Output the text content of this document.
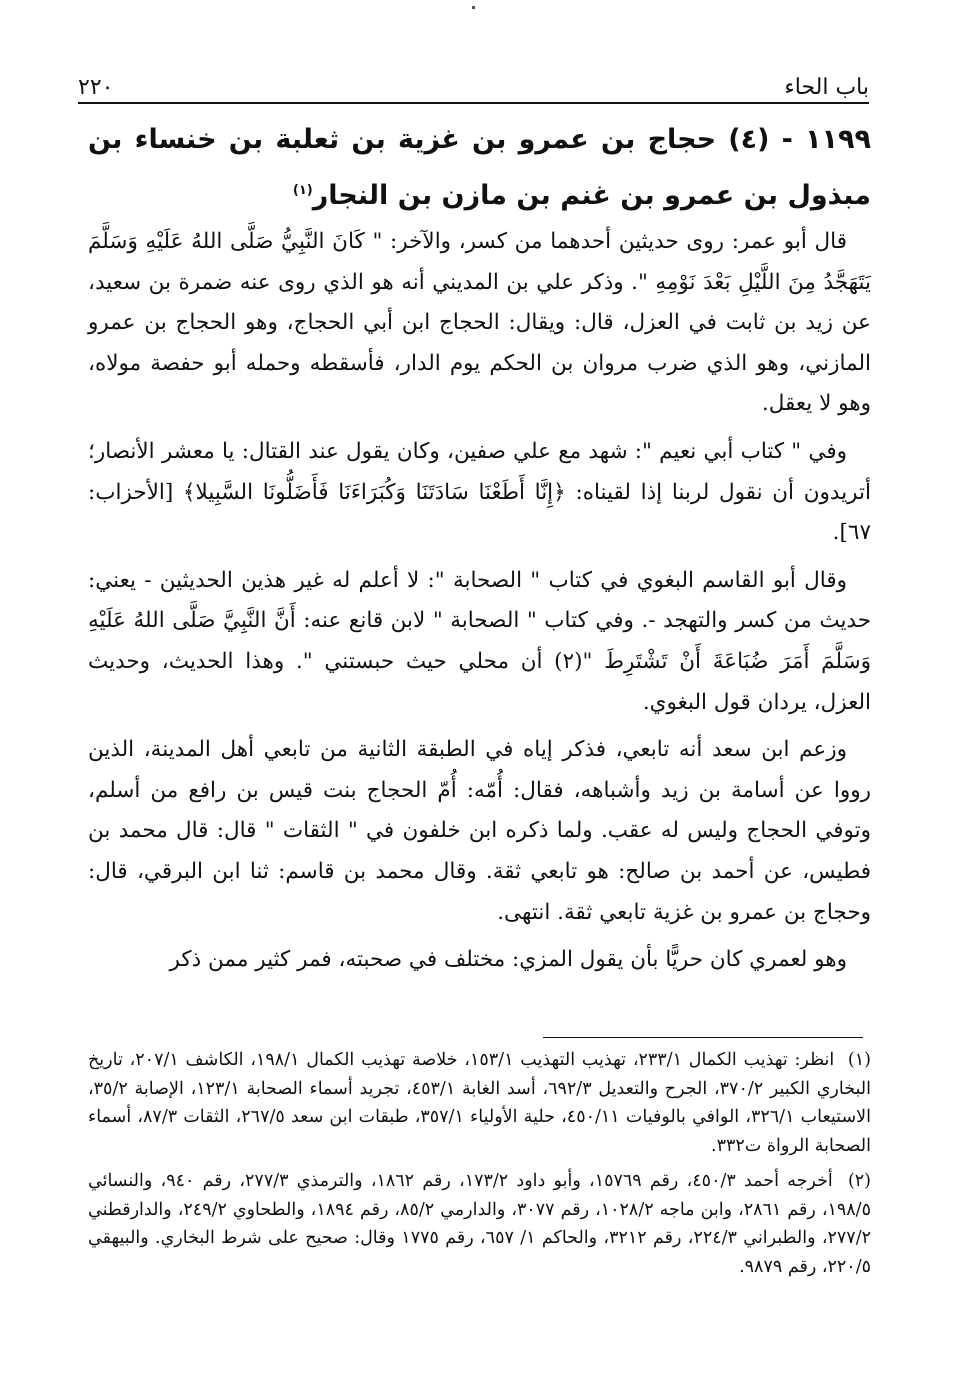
باب الحاء
٢٢٠
١١٩٩ - (٤) حجاج بن عمرو بن غزية بن ثعلبة بن خنساء بن مبذول بن عمرو بن غنم بن مازن بن النجار$^{(١)}$

قال أبو عمر: روى حديثين أحدهما من كسر، والآخر: " كَانَ النَّبِيُّ صَلَّى اللهُ عَلَيْهِ وَسَلَّمَ يَتَهَجَّدُ مِنَ اللَّيْلِ بَعْدَ نَوْمِهِ ". وذكر علي بن المديني أنه هو الذي روى عنه ضمرة بن سعيد، عن زيد بن ثابت في العزل، قال: ويقال: الحجاج ابن أبي الحجاج، وهو الحجاج بن عمرو المازني، وهو الذي ضرب مروان بن الحكم يوم الدار، فأسقطه وحمله أبو حفصة مولاه، وهو لا يعقل.

وفي " كتاب أبي نعيم ": شهد مع علي صفين، وكان يقول عند القتال: يا معشر الأنصار؛ أتريدون أن نقول لربنا إذا لقيناه: ﴿إِنَّا أَطَعْنَا سَادَتَنَا وَكُبَرَاءَنَا فَأَضَلُّونَا السَّبِيلا﴾ [الأحزاب: ٦٧].

وقال أبو القاسم البغوي في كتاب " الصحابة ": لا أعلم له غير هذين الحديثين - يعني: حديث من كسر والتهجد -. وفي كتاب " الصحابة " لابن قانع عنه: أَنَّ النَّبِيَّ صَلَّى اللهُ عَلَيْهِ وَسَلَّمَ أَمَرَ ضُبَاعَةَ أَنْ تَشْتَرِطَ "(٢) أن محلي حيث حبستني ". وهذا الحديث، وحديث العزل، يردان قول البغوي.

وزعم ابن سعد أنه تابعي، فذكر إياه في الطبقة الثانية من تابعي أهل المدينة، الذين رووا عن أسامة بن زيد وأشباهه، فقال: أُمّه: أُمّ الحجاج بنت قيس بن رافع من أسلم، وتوفي الحجاج وليس له عقب. ولما ذكره ابن خلفون في " الثقات " قال: قال محمد بن فطيس، عن أحمد بن صالح: هو تابعي ثقة. وقال محمد بن قاسم: ثنا ابن البرقي، قال: وحجاج بن عمرو بن غزية تابعي ثقة. انتهى.

وهو لعمري كان حريًّا بأن يقول المزي: مختلف في صحبته، فمر كثير ممن ذكر

(١) انظر: تهذيب الكمال ٢٣٣/١، تهذيب التهذيب ١٥٣/١، خلاصة تهذيب الكمال ١٩٨/١، الكاشف ٢٠٧/١، تاريخ البخاري الكبير ٣٧٠/٢، الجرح والتعديل ٦٩٢/٣، أسد الغابة ٤٥٣/١، تجريد أسماء الصحابة ١٢٣/١، الإصابة ٣٥/٢، الاستيعاب ٣٢٦/١، الوافي بالوفيات ٤٥٠/١١، حلية الأولياء ٣٥٧/١، طبقات ابن سعد ٢٦٧/٥، الثقات ٨٧/٣، أسماء الصحابة الرواة ت٣٣٢.
(٢) أخرجه أحمد ٤٥٠/٣، رقم ١٥٧٦٩، وأبو داود ١٧٣/٢، رقم ١٨٦٢، والترمذي ٢٧٧/٣، رقم ٩٤٠، والنسائي ١٩٨/٥، رقم ٢٨٦١، وابن ماجه ١٠٢٨/٢، رقم ٣٠٧٧، والدارمي ٨٥/٢، رقم ١٨٩٤، والطحاوي ٢٤٩/٢، والدارقطني ٢٧٧/٢، والطبراني ٢٢٤/٣، رقم ٣٢١٢، والحاكم ١/ ٦٥٧، رقم ١٧٧٥ وقال: صحيح على شرط البخاري. والبيهقي ٢٢٠/٥، رقم ٩٨٧٩.
